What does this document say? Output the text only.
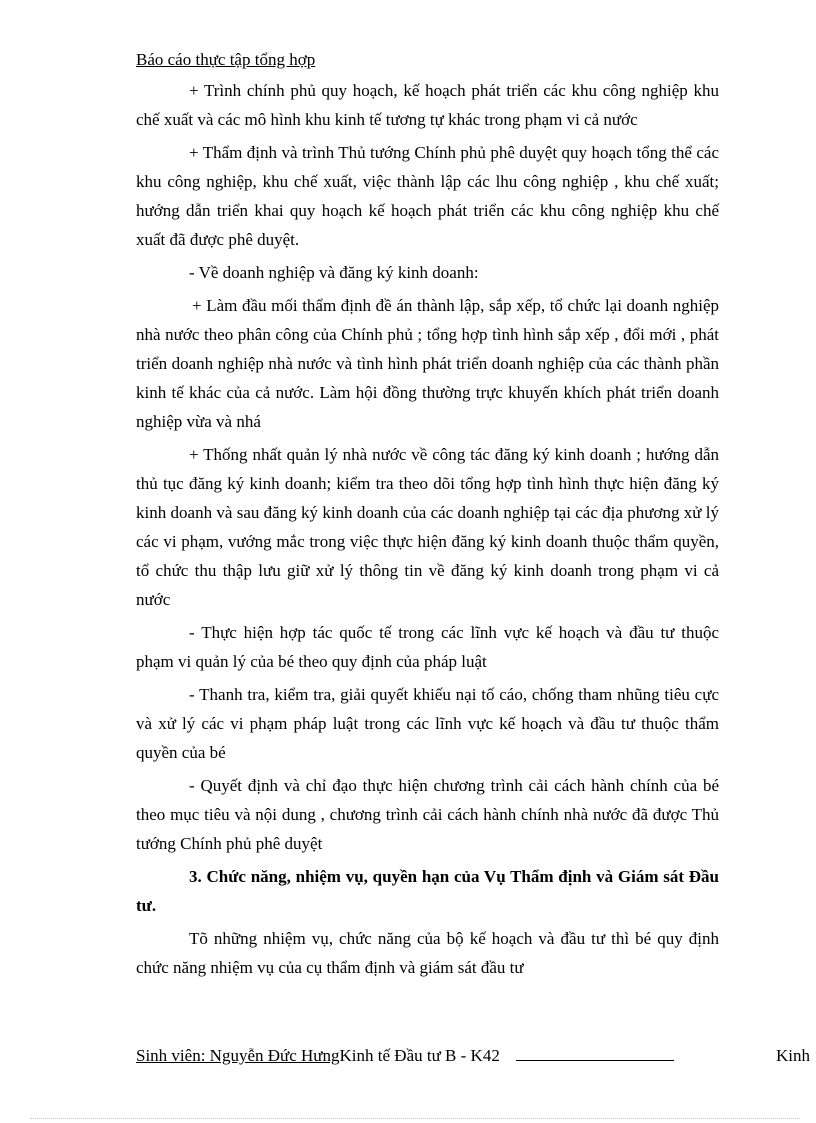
Báo cáo thực tập tổng hợp

+ Trình chính phủ quy hoạch, kế hoạch phát triển các khu công nghiệp khu chế xuất và các mô hình khu kinh tế tương tự khác trong phạm vi cả nước

+ Thẩm định và trình Thủ tướng Chính phủ phê duyệt quy hoạch tổng thể các khu công nghiệp, khu chế xuất, việc thành lập các lhu công nghiệp , khu chế xuất; hướng dẫn triển khai quy hoạch kế hoạch phát triển các khu công nghiệp khu chế xuất đã được phê duyệt.

- Về doanh nghiệp và đăng ký kinh doanh:

+ Làm đầu mối thẩm định đề án thành lập, sắp xếp, tổ chức lại doanh nghiệp nhà nước theo phân công của Chính phủ ; tổng hợp tình hình sắp xếp , đổi mới , phát triển doanh nghiệp nhà nước và tình hình phát triển doanh nghiệp của các thành phần kinh tế khác của cả nước. Làm hội đồng thường trực khuyến khích phát triển doanh nghiệp vừa và nhá

+ Thống nhất quản lý nhà nước về công tác đăng ký kinh doanh ; hướng dẫn thủ tục đăng ký kinh doanh; kiểm tra theo dõi tổng hợp tình hình thực hiện đăng ký kinh doanh và sau đăng ký kinh doanh của các doanh nghiệp tại các địa phương xử lý các vi phạm, vướng mắc trong việc thực hiện đăng ký kinh doanh thuộc thẩm quyền, tổ chức thu thập lưu giữ xử lý thông tin về đăng ký kinh doanh trong phạm vi cả nước

- Thực hiện hợp tác quốc tế trong các lĩnh vực kế hoạch và đầu tư thuộc phạm vi quản lý của bé theo quy định của pháp luật

- Thanh tra, kiểm tra, giải quyết khiếu nại tố cáo, chống tham nhũng tiêu cực và xử lý các vi phạm pháp luật trong các lĩnh vực kế hoạch và đầu tư thuộc thẩm quyền của bé

- Quyết định và chỉ đạo thực hiện chương trình cải cách hành chính của bé theo mục tiêu và nội dung , chương trình cải cách hành chính nhà nước đã được Thủ tướng Chính phủ phê duyệt

3. Chức năng, nhiệm vụ, quyền hạn của Vụ Thẩm định và Giám sát Đầu tư.

Tõ những nhiệm vụ, chức năng của bộ kế hoạch và đầu tư thì bé quy định chức năng nhiệm vụ của cụ thẩm định và giám sát đầu tư

Sinh viên: Nguyễn Đức HưngKinh tế Đầu tư B - K42	Kinh
